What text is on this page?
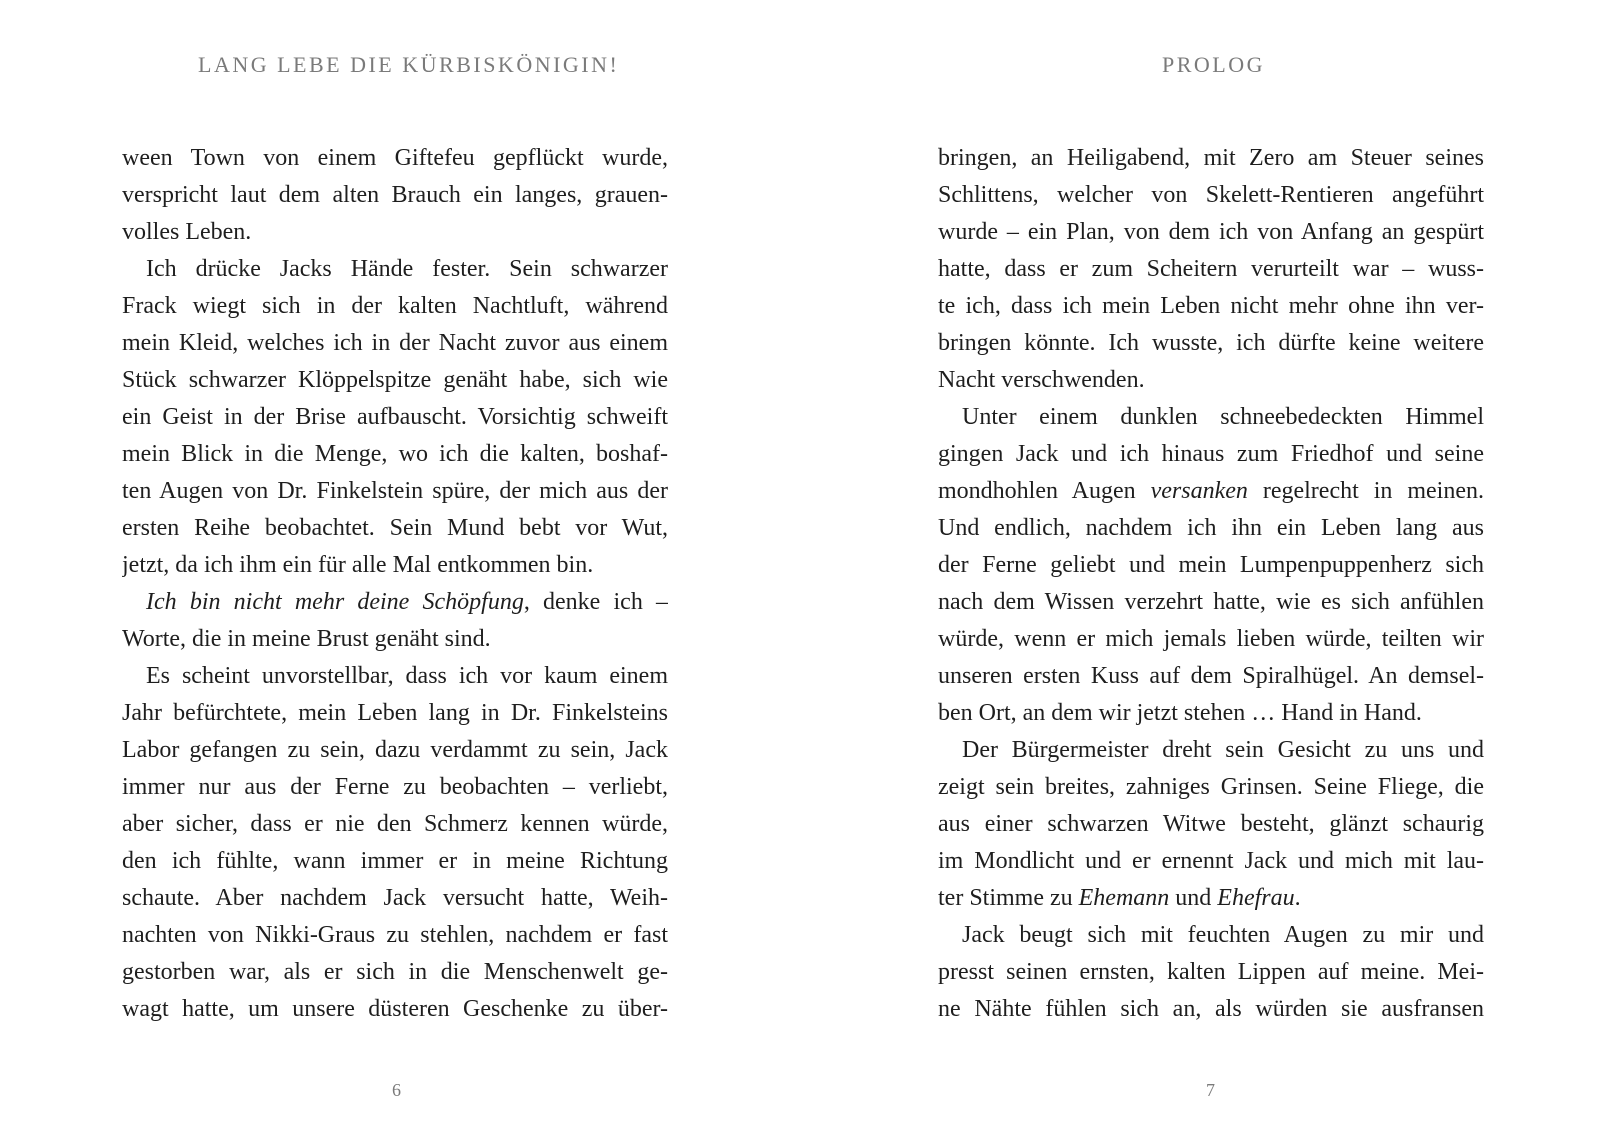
LANG LEBE DIE KÜRBISKÖNIGIN!
ween Town von einem Giftefeu gepflückt wurde,
verspricht laut dem alten Brauch ein langes, grauen-
volles Leben.
Ich drücke Jacks Hände fester. Sein schwarzer
Frack wiegt sich in der kalten Nachtluft, während
mein Kleid, welches ich in der Nacht zuvor aus einem
Stück schwarzer Klöppelspitze genäht habe, sich wie
ein Geist in der Brise aufbauscht. Vorsichtig schweift
mein Blick in die Menge, wo ich die kalten, boshaf-
ten Augen von Dr. Finkelstein spüre, der mich aus der
ersten Reihe beobachtet. Sein Mund bebt vor Wut,
jetzt, da ich ihm ein für alle Mal entkommen bin.
Ich bin nicht mehr deine Schöpfung, denke ich –
Worte, die in meine Brust genäht sind.
Es scheint unvorstellbar, dass ich vor kaum einem
Jahr befürchtete, mein Leben lang in Dr. Finkelsteins
Labor gefangen zu sein, dazu verdammt zu sein, Jack
immer nur aus der Ferne zu beobachten – verliebt,
aber sicher, dass er nie den Schmerz kennen würde,
den ich fühlte, wann immer er in meine Richtung
schaute. Aber nachdem Jack versucht hatte, Weih-
nachten von Nikki-Graus zu stehlen, nachdem er fast
gestorben war, als er sich in die Menschenwelt ge-
wagt hatte, um unsere düsteren Geschenke zu über-
6
PROLOG
bringen, an Heiligabend, mit Zero am Steuer seines
Schlittens, welcher von Skelett-Rentieren angeführt
wurde – ein Plan, von dem ich von Anfang an gespürt
hatte, dass er zum Scheitern verurteilt war – wuss-
te ich, dass ich mein Leben nicht mehr ohne ihn ver-
bringen könnte. Ich wusste, ich dürfte keine weitere
Nacht verschwenden.
Unter einem dunklen schneebedeckten Himmel
gingen Jack und ich hinaus zum Friedhof und seine
mondhohlen Augen versanken regelrecht in meinen.
Und endlich, nachdem ich ihn ein Leben lang aus
der Ferne geliebt und mein Lumpenpuppenherz sich
nach dem Wissen verzehrt hatte, wie es sich anfühlen
würde, wenn er mich jemals lieben würde, teilten wir
unseren ersten Kuss auf dem Spiralhügel. An demsel-
ben Ort, an dem wir jetzt stehen … Hand in Hand.
Der Bürgermeister dreht sein Gesicht zu uns und
zeigt sein breites, zahniges Grinsen. Seine Fliege, die
aus einer schwarzen Witwe besteht, glänzt schaurig
im Mondlicht und er ernennt Jack und mich mit lau-
ter Stimme zu Ehemann und Ehefrau.
Jack beugt sich mit feuchten Augen zu mir und
presst seinen ernsten, kalten Lippen auf meine. Mei-
ne Nähte fühlen sich an, als würden sie ausfransen
7
